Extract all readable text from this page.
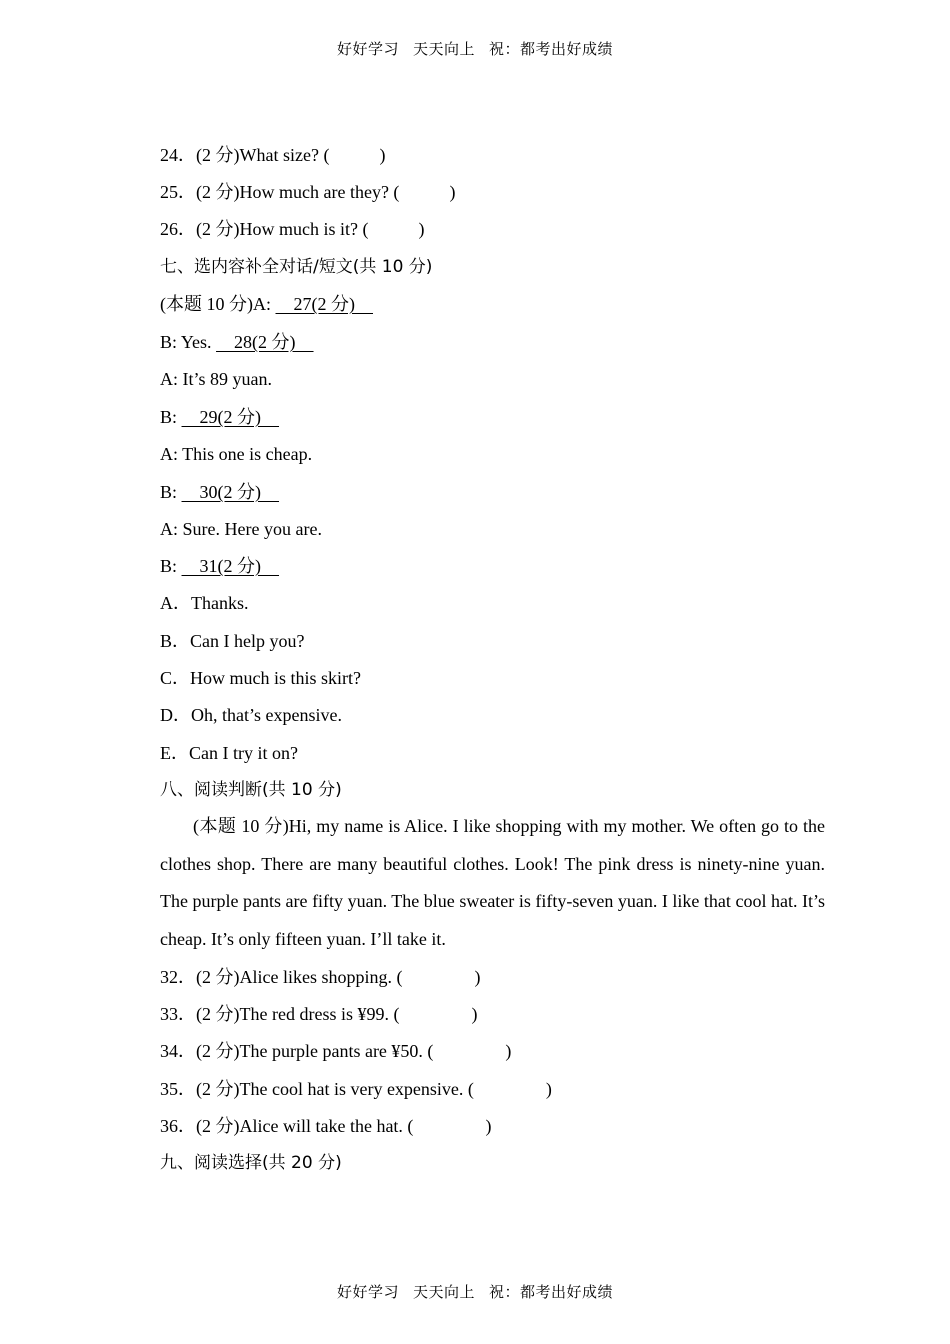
好好学习 天天向上 祝：都考出好成绩
24．(2 分)What size? (	)
25．(2 分)How much are they? (	)
26．(2 分)How much is it? (	)
七、选内容补全对话/短文(共 10 分)
(本题 10 分)A:     27(2 分)
B: Yes.     28(2 分)
A: It’s 89 yuan.
B:     29(2 分)
A: This one is cheap.
B:     30(2 分)
A: Sure. Here you are.
B:     31(2 分)
A．Thanks.
B．Can I help you?
C．How much is this skirt?
D．Oh, that’s expensive.
E．Can I try it on?
八、阅读判断(共 10 分)
(本题 10 分)Hi, my name is Alice. I like shopping with my mother. We often go to the clothes shop. There are many beautiful clothes. Look! The pink dress is ninety-nine yuan. The purple pants are fifty yuan. The blue sweater is fifty-seven yuan. I like that cool hat. It’s cheap. It’s only fifteen yuan. I’ll take it.
32．(2 分)Alice likes shopping. (	)
33．(2 分)The red dress is ¥99. (	)
34．(2 分)The purple pants are ¥50. (	)
35．(2 分)The cool hat is very expensive. (	)
36．(2 分)Alice will take the hat. (	)
九、阅读选择(共 20 分)
好好学习 天天向上 祝：都考出好成绩
